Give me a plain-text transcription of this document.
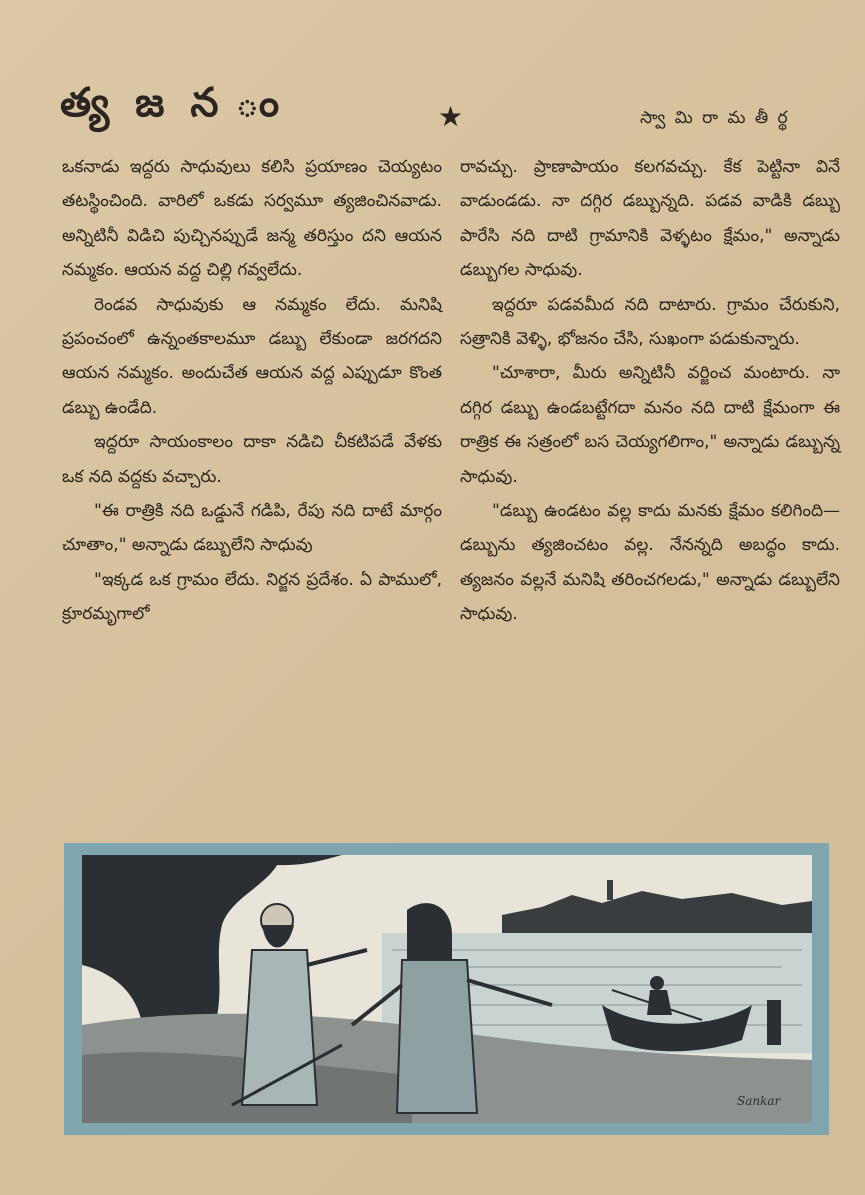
త్య జ న ం	★	స్వా మి రా మ తీ ర్థ

ఒకనాడు ఇద్దరు సాధువులు కలిసి ప్రయాణం చెయ్యటం తటస్థించింది. వారిలో ఒకడు సర్వమూ త్యజించినవాడు. అన్నిటినీ విడిచి పుచ్చినప్పుడే జన్మ తరిస్తుం దని ఆయన నమ్మకం. ఆయన వద్ద చిల్లి గవ్వలేదు.

రెండవ సాధువుకు ఆ నమ్మకం లేదు. మనిషి ప్రపంచంలో ఉన్నంతకాలమూ డబ్బు లేకుండా జరగదని ఆయన నమ్మకం. అందుచేత ఆయన వద్ద ఎప్పుడూ కొంత డబ్బు ఉండేది.

ఇద్దరూ సాయంకాలం దాకా నడిచి చీకటిపడే వేళకు ఒక నది వద్దకు వచ్చారు.

"ఈ రాత్రికి నది ఒడ్డునే గడిపి, రేపు నది దాటే మార్గం చూతాం," అన్నాడు డబ్బులేని సాధువు

"ఇక్కడ ఒక గ్రామం లేదు. నిర్జన ప్రదేశం. ఏ పాములో, క్రూరమృగాలో

రావచ్చు. ప్రాణాపాయం కలగవచ్చు. కేక పెట్టినా వినే వాడుండడు. నా దగ్గిర డబ్బున్నది. పడవ వాడికి డబ్బు పారేసి నది దాటి గ్రామానికి వెళ్ళటం క్షేమం," అన్నాడు డబ్బుగల సాధువు.

ఇద్దరూ పడవమీద నది దాటారు. గ్రామం చేరుకుని, సత్రానికి వెళ్ళి, భోజనం చేసి, సుఖంగా పడుకున్నారు.

"చూశారా, మీరు అన్నిటినీ వర్జించ మంటారు. నా దగ్గిర డబ్బు ఉండబట్టేగదా మనం నది దాటి క్షేమంగా ఈ రాత్రిక ఈ సత్రంలో బస చెయ్యగలిగాం," అన్నాడు డబ్బున్న సాధువు.

"డబ్బు ఉండటం వల్ల కాదు మనకు క్షేమం కలిగింది—డబ్బును త్యజించటం వల్ల. నేనన్నది అబద్ధం కాదు. త్యజనం వల్లనే మనిషి తరించగలడు," అన్నాడు డబ్బులేని సాధువు.

Sankar
